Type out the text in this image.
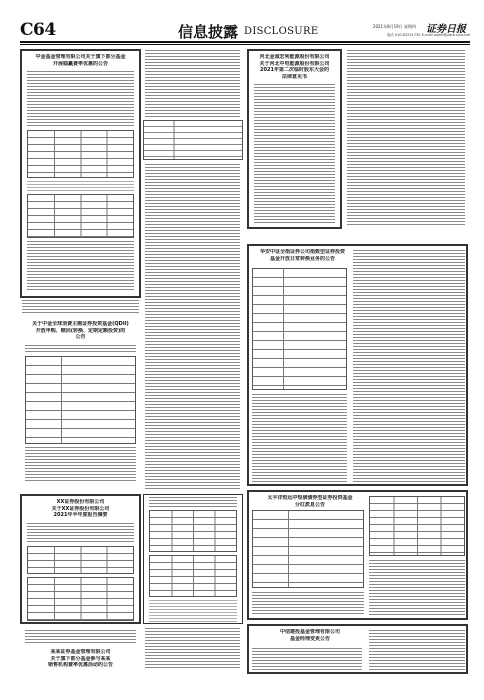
C64	信息披露 DISCLOSURE	2021年8月19日 星期四 证券日报
电话 010-83251730 E-mail zqrb9@zqrb.sina.net
中金基金管理有限公司关于旗下部分基金
开展稳赢费率优惠的公告
关于中金全球消费主题证券投资基金(QDII)
开放申购、赎回(转换、定期定额投资)的
公告
河北金诚宏利能源股份有限公司
关于河北中电能源股份有限公司
2021年第二次临时股东大会的
法律意见书
华安中证全指证券公司指数型证券投资
基金开放日常转换业务的公告
XX证券股份有限公司
关于XX证券股份有限公司
2021年半年度报告摘要
太平洋恒远中短债债券型证券投资基金
分红派息公告
某某证券基金管理有限公司
关于旗下部分基金参与某某
销售机构费率优惠活动的公告
中信建投基金管理有限公司
基金经理变更公告
